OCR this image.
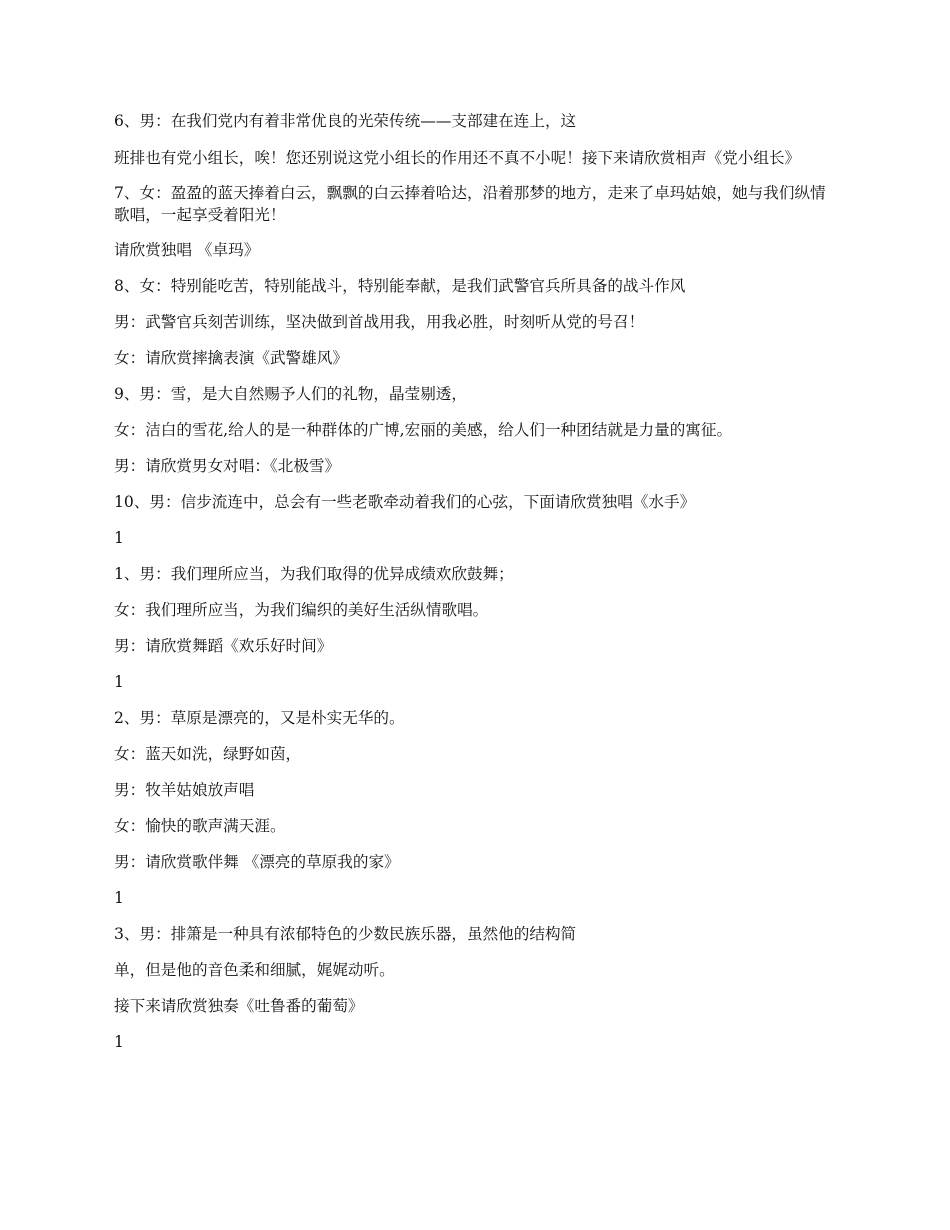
6、男：在我们党内有着非常优良的光荣传统——支部建在连上，这

班排也有党小组长，唉！您还别说这党小组长的作用还不真不小呢！接下来请欣赏相声《党小组长》

7、女：盈盈的蓝天捧着白云，飘飘的白云捧着哈达，沿着那梦的地方，走来了卓玛姑娘，她与我们纵情歌唱，一起享受着阳光！

请欣赏独唱 《卓玛》

8、女：特别能吃苦，特别能战斗，特别能奉献，是我们武警官兵所具备的战斗作风

男：武警官兵刻苦训练，坚决做到首战用我，用我必胜，时刻听从党的号召！

女：请欣赏摔擒表演《武警雄风》

9、男：雪，是大自然赐予人们的礼物，晶莹剔透，

女：洁白的雪花,给人的是一种群体的广博,宏丽的美感，给人们一种团结就是力量的寓征。

男：请欣赏男女对唱：《北极雪》

10、男：信步流连中，总会有一些老歌牵动着我们的心弦，下面请欣赏独唱《水手》

1

1、男：我们理所应当，为我们取得的优异成绩欢欣鼓舞；

女：我们理所应当，为我们编织的美好生活纵情歌唱。

男：请欣赏舞蹈《欢乐好时间》

1

2、男：草原是漂亮的，又是朴实无华的。

女：蓝天如洗，绿野如茵，

男：牧羊姑娘放声唱

女：愉快的歌声满天涯。

男：请欣赏歌伴舞 《漂亮的草原我的家》

1

3、男：排箫是一种具有浓郁特色的少数民族乐器，虽然他的结构简

单，但是他的音色柔和细腻，娓娓动听。

接下来请欣赏独奏《吐鲁番的葡萄》

1
